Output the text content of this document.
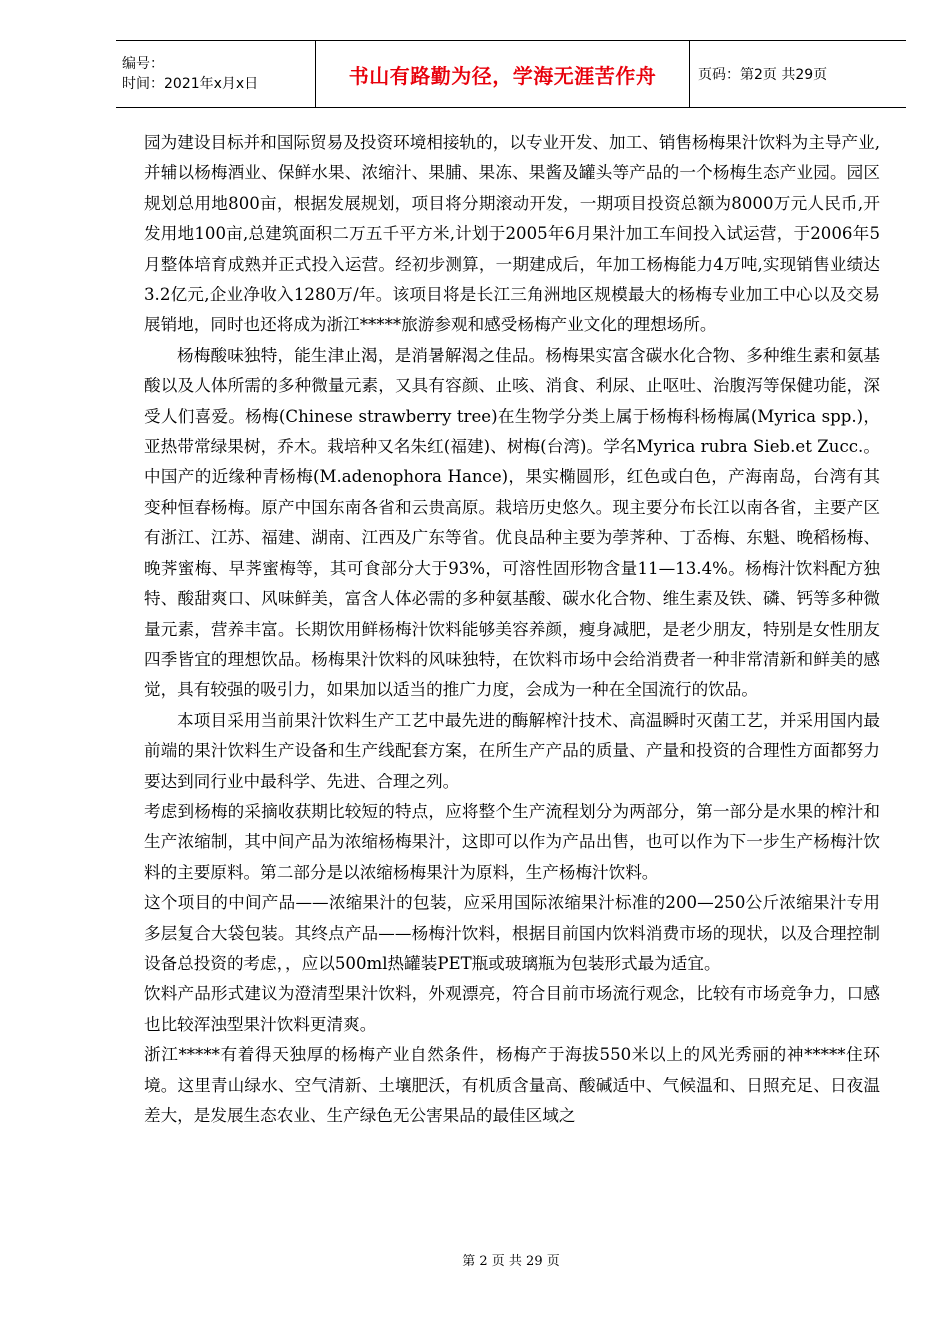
编号：
时间：2021年x月x日	书山有路勤为径，学海无涯苦作舟	页码：第2页 共29页

园为建设目标并和国际贸易及投资环境相接轨的，以专业开发、加工、销售杨梅果汁饮料为主导产业,并辅以杨梅酒业、保鲜水果、浓缩汁、果脯、果冻、果酱及罐头等产品的一个杨梅生态产业园。园区规划总用地800亩，根据发展规划，项目将分期滚动开发，一期项目投资总额为8000万元人民币,开发用地100亩,总建筑面积二万五千平方米,计划于2005年6月果汁加工车间投入试运营，于2006年5月整体培育成熟并正式投入运营。经初步测算，一期建成后，年加工杨梅能力4万吨,实现销售业绩达3.2亿元,企业净收入1280万/年。该项目将是长江三角洲地区规模最大的杨梅专业加工中心以及交易展销地，同时也还将成为浙江*****旅游参观和感受杨梅产业文化的理想场所。

杨梅酸味独特，能生津止渴，是消暑解渴之佳品。杨梅果实富含碳水化合物、多种维生素和氨基酸以及人体所需的多种微量元素，又具有容颜、止咳、消食、利尿、止呕吐、治腹泻等保健功能，深受人们喜爱。杨梅(Chinese strawberry tree)在生物学分类上属于杨梅科杨梅属(Myrica spp.)，亚热带常绿果树，乔木。栽培种又名朱红(福建)、树梅(台湾)。学名Myrica rubra Sieb.et Zucc.。中国产的近缘种青杨梅(M.adenophora Hance)，果实椭圆形，红色或白色，产海南岛，台湾有其变种恒春杨梅。原产中国东南各省和云贵高原。栽培历史悠久。现主要分布长江以南各省，主要产区有浙江、江苏、福建、湖南、江西及广东等省。优良品种主要为荸荠种、丁岙梅、东魁、晚稻杨梅、晚荠蜜梅、早荠蜜梅等，其可食部分大于93%，可溶性固形物含量11—13.4%。杨梅汁饮料配方独特、酸甜爽口、风味鲜美，富含人体必需的多种氨基酸、碳水化合物、维生素及铁、磷、钙等多种微量元素，营养丰富。长期饮用鲜杨梅汁饮料能够美容养颜，瘦身减肥，是老少朋友，特别是女性朋友四季皆宜的理想饮品。杨梅果汁饮料的风味独特，在饮料市场中会给消费者一种非常清新和鲜美的感觉，具有较强的吸引力，如果加以适当的推广力度，会成为一种在全国流行的饮品。

本项目采用当前果汁饮料生产工艺中最先进的酶解榨汁技术、高温瞬时灭菌工艺，并采用国内最前端的果汁饮料生产设备和生产线配套方案，在所生产产品的质量、产量和投资的合理性方面都努力要达到同行业中最科学、先进、合理之列。

考虑到杨梅的采摘收获期比较短的特点，应将整个生产流程划分为两部分，第一部分是水果的榨汁和生产浓缩制，其中间产品为浓缩杨梅果汁，这即可以作为产品出售，也可以作为下一步生产杨梅汁饮料的主要原料。第二部分是以浓缩杨梅果汁为原料，生产杨梅汁饮料。

这个项目的中间产品——浓缩果汁的包装，应采用国际浓缩果汁标准的200—250公斤浓缩果汁专用多层复合大袋包装。其终点产品——杨梅汁饮料，根据目前国内饮料消费市场的现状，以及合理控制设备总投资的考虑，，应以500ml热罐装PET瓶或玻璃瓶为包装形式最为适宜。

饮料产品形式建议为澄清型果汁饮料，外观漂亮，符合目前市场流行观念，比较有市场竞争力，口感也比较浑浊型果汁饮料更清爽。

浙江*****有着得天独厚的杨梅产业自然条件，杨梅产于海拔550米以上的风光秀丽的神*****住环境。这里青山绿水、空气清新、土壤肥沃，有机质含量高、酸碱适中、气候温和、日照充足、日夜温差大，是发展生态农业、生产绿色无公害果品的最佳区域之

第 2 页 共 29 页
